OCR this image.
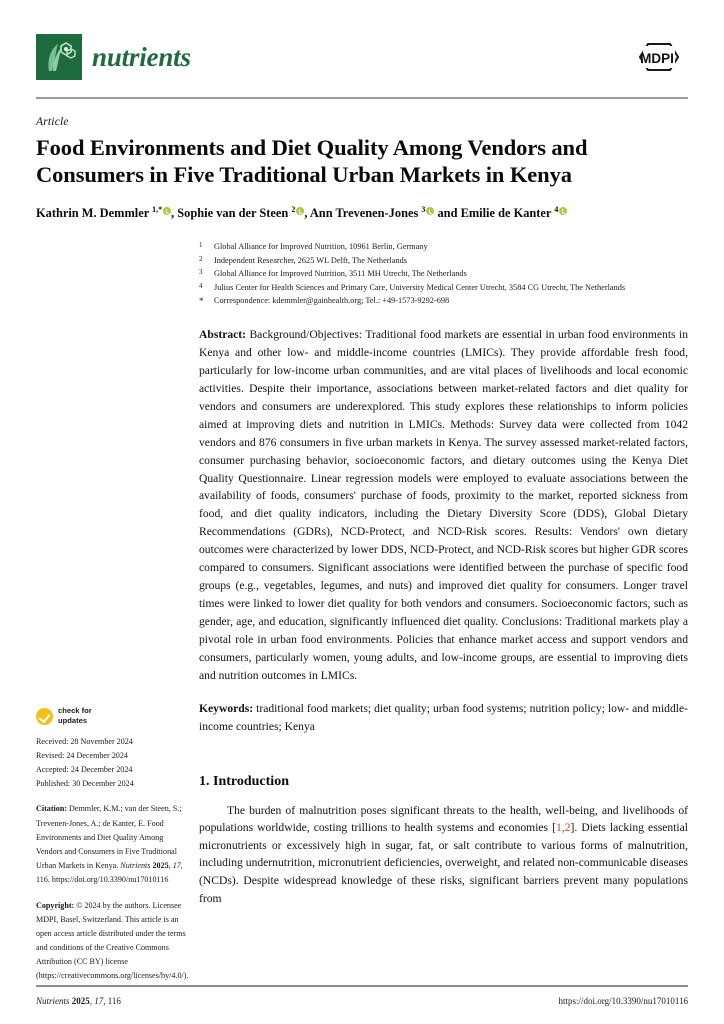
nutrients	MDPI
Article
Food Environments and Diet Quality Among Vendors and Consumers in Five Traditional Urban Markets in Kenya
Kathrin M. Demmler $^{1,*}$ , Sophie van der Steen $^2$ , Ann Trevenen-Jones $^3$ and Emilie de Kanter $^4$
check for
updates
Received: 28 November 2024
Revised: 24 December 2024
Accepted: 24 December 2024
Published: 30 December 2024
Citation: Demmler, K.M.; van der Steen, S.; Trevenen-Jones, A.; de Kanter, E. Food Environments and Diet Quality Among Vendors and Consumers in Five Traditional Urban Markets in Kenya. Nutrients 2025, 17, 116. https://doi.org/10.3390/nu17010116
Copyright: © 2024 by the authors. Licensee MDPI, Basel, Switzerland. This article is an open access article distributed under the terms and conditions of the Creative Commons Attribution (CC BY) license (https://creativecommons.org/licenses/by/4.0/).
1	Global Alliance for Improved Nutrition, 10961 Berlin, Germany
2	Independent Researcher, 2625 WL Delft, The Netherlands
3	Global Alliance for Improved Nutrition, 3511 MH Utrecht, The Netherlands
4	Julius Center for Health Sciences and Primary Care, University Medical Center Utrecht, 3584 CG Utrecht, The Netherlands
*	Correspondence: kdemmler@gainhealth.org; Tel.: +49-1573-9292-698
Abstract: Background/Objectives: Traditional food markets are essential in urban food environments in Kenya and other low- and middle-income countries (LMICs). They provide affordable fresh food, particularly for low-income urban communities, and are vital places of livelihoods and local economic activities. Despite their importance, associations between market-related factors and diet quality for vendors and consumers are underexplored. This study explores these relationships to inform policies aimed at improving diets and nutrition in LMICs. Methods: Survey data were collected from 1042 vendors and 876 consumers in five urban markets in Kenya. The survey assessed market-related factors, consumer purchasing behavior, socioeconomic factors, and dietary outcomes using the Kenya Diet Quality Questionnaire. Linear regression models were employed to evaluate associations between the availability of foods, consumers' purchase of foods, proximity to the market, reported sickness from food, and diet quality indicators, including the Dietary Diversity Score (DDS), Global Dietary Recommendations (GDRs), NCD-Protect, and NCD-Risk scores. Results: Vendors' own dietary outcomes were characterized by lower DDS, NCD-Protect, and NCD-Risk scores but higher GDR scores compared to consumers. Significant associations were identified between the purchase of specific food groups (e.g., vegetables, legumes, and nuts) and improved diet quality for consumers. Longer travel times were linked to lower diet quality for both vendors and consumers. Socioeconomic factors, such as gender, age, and education, significantly influenced diet quality. Conclusions: Traditional markets play a pivotal role in urban food environments. Policies that enhance market access and support vendors and consumers, particularly women, young adults, and low-income groups, are essential to improving diets and nutrition outcomes in LMICs.
Keywords: traditional food markets; diet quality; urban food systems; nutrition policy; low- and middle-income countries; Kenya
1. Introduction

The burden of malnutrition poses significant threats to the health, well-being, and livelihoods of populations worldwide, costing trillions to health systems and economies [1,2]. Diets lacking essential micronutrients or excessively high in sugar, fat, or salt contribute to various forms of malnutrition, including undernutrition, micronutrient deficiencies, overweight, and related non-communicable diseases (NCDs). Despite widespread knowledge of these risks, significant barriers prevent many populations from

Nutrients 2025, 17, 116	https://doi.org/10.3390/nu17010116
